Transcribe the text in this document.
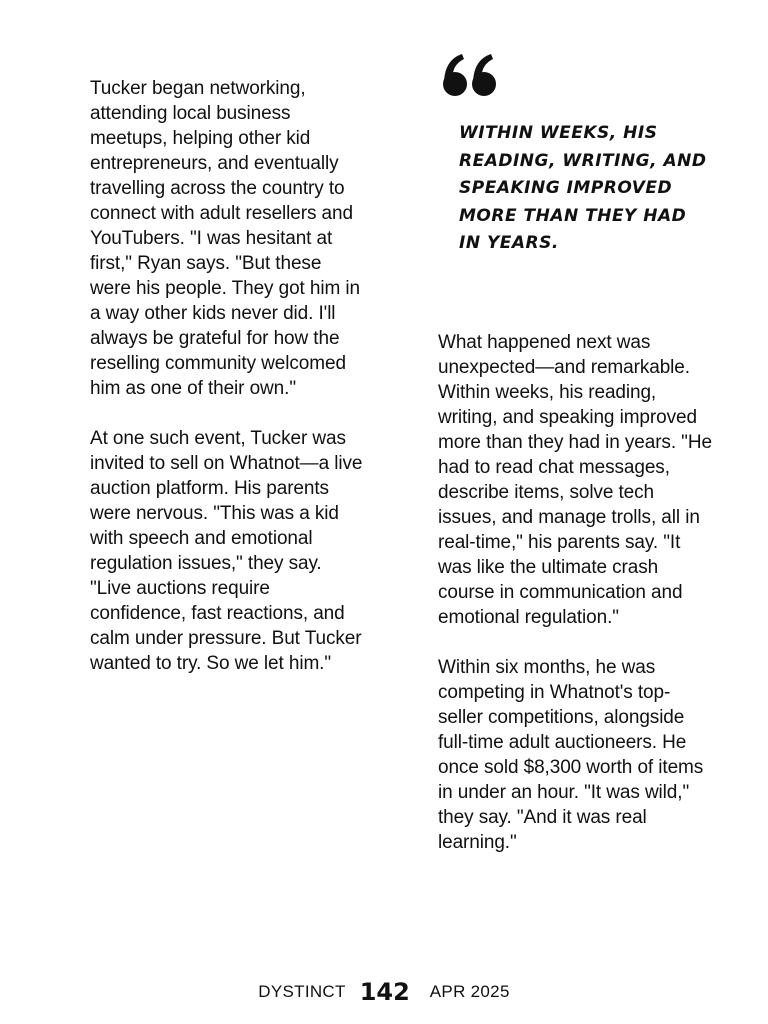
Tucker began networking, attending local business meetups, helping other kid entrepreneurs, and eventually travelling across the country to connect with adult resellers and YouTubers. "I was hesitant at first," Ryan says. "But these were his people. They got him in a way other kids never did. I'll always be grateful for how the reselling community welcomed him as one of their own."

At one such event, Tucker was invited to sell on Whatnot—a live auction platform. His parents were nervous. "This was a kid with speech and emotional regulation issues," they say. "Live auctions require confidence, fast reactions, and calm under pressure. But Tucker wanted to try. So we let him."

WITHIN WEEKS, HIS READING, WRITING, AND SPEAKING IMPROVED MORE THAN THEY HAD IN YEARS.

What happened next was unexpected—and remarkable. Within weeks, his reading, writing, and speaking improved more than they had in years. "He had to read chat messages, describe items, solve tech issues, and manage trolls, all in real-time," his parents say. "It was like the ultimate crash course in communication and emotional regulation."

Within six months, he was competing in Whatnot's top-seller competitions, alongside full-time adult auctioneers. He once sold $8,300 worth of items in under an hour. "It was wild," they say. "And it was real learning."

DYSTINCT 142 APR 2025
